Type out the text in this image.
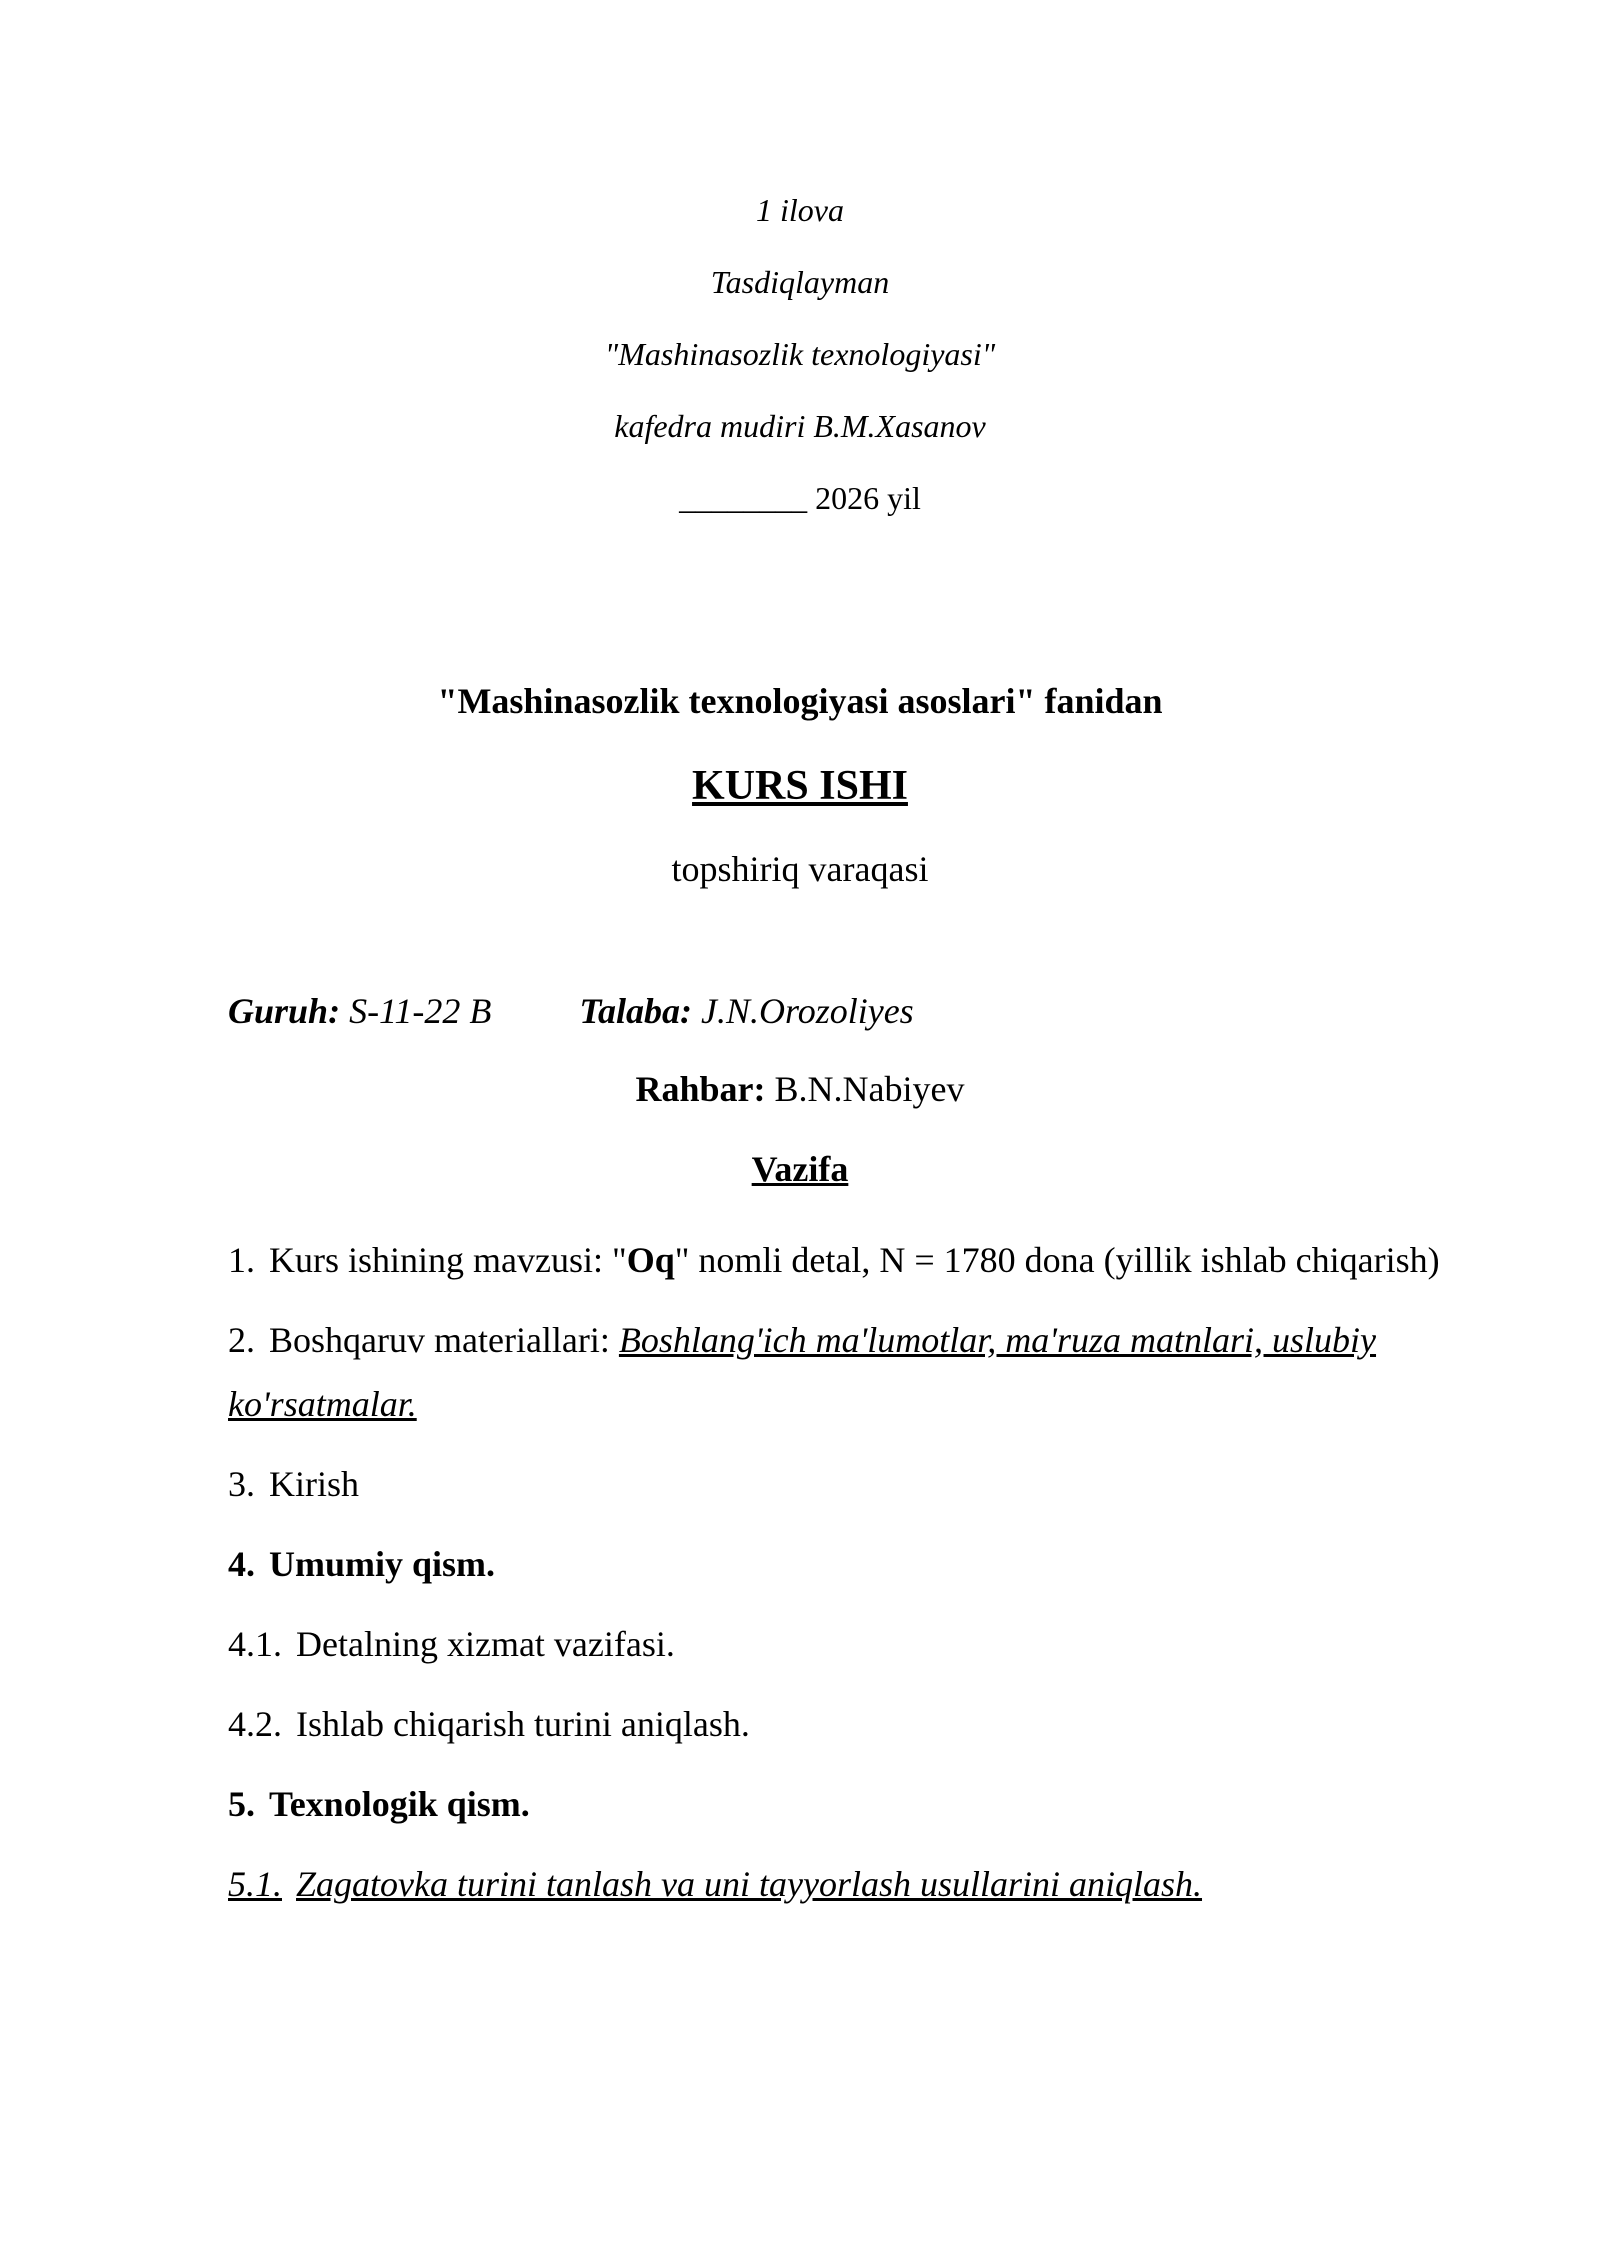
1 ilova
Tasdiqlayman
"Mashinasozlik texnologiyasi"
kafedra mudiri B.M.Xasanov
________ 2026 yil
"Mashinasozlik texnologiyasi asoslari" fanidan
KURS ISHI
topshiriq varaqasi
Guruh: S-11-22 B Talaba: J.N.Orozoliyes
Rahbar: B.N.Nabiyev
Vazifa
1. Kurs ishining mavzusi: "Oq" nomli detal, N = 1780 dona (yillik ishlab chiqarish)
2. Boshqaruv materiallari: Boshlang'ich ma'lumotlar, ma'ruza matnlari, uslubiy ko'rsatmalar.
3. Kirish
4. Umumiy qism.
4.1. Detalning xizmat vazifasi.
4.2. Ishlab chiqarish turini aniqlash.
5. Texnologik qism.
5.1. Zagatovka turini tanlash va uni tayyorlash usullarini aniqlash.
